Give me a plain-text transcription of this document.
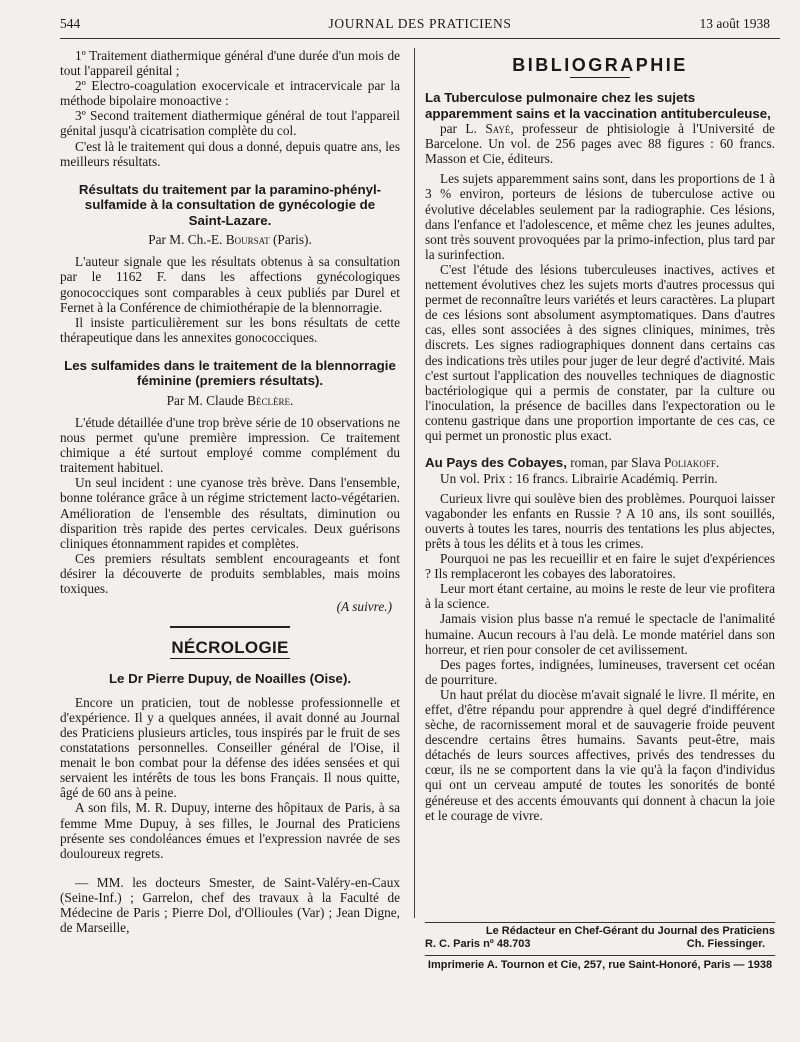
544	JOURNAL DES PRATICIENS	13 août 1938

1º Traitement diathermique général d'une durée d'un mois de tout l'appareil génital ;

2º Electro-coagulation exocervicale et intracervicale par la méthode bipolaire monoactive :

3º Second traitement diathermique général de tout l'appareil génital jusqu'à cicatrisation complète du col.

C'est là le traitement qui dous a donné, depuis quatre ans, les meilleurs résultats.

Résultats du traitement par la paramino-phényl-sulfamide à la consultation de gynécologie de Saint-Lazare.

Par M. Ch.-E. Boursat (Paris).

L'auteur signale que les résultats obtenus à sa consultation par le 1162 F. dans les affections gynécologiques gonococciques sont comparables à ceux publiés par Durel et Fernet à la Conférence de chimiothérapie de la blennorragie.

Il insiste particulièrement sur les bons résultats de cette thérapeutique dans les annexites gonococciques.

Les sulfamides dans le traitement de la blennorragie féminine (premiers résultats).

Par M. Claude Béclère.

L'étude détaillée d'une trop brève série de 10 observations ne nous permet qu'une première impression. Ce traitement chimique a été surtout employé comme complément du traitement habituel.

Un seul incident : une cyanose très brève. Dans l'ensemble, bonne tolérance grâce à un régime strictement lacto-végétarien. Amélioration de l'ensemble des résultats, diminution ou disparition très rapide des pertes cervicales. Deux guérisons cliniques étonnamment rapides et complètes.

Ces premiers résultats semblent encourageants et font désirer la découverte de produits semblables, mais moins toxiques.

(A suivre.)

NÉCROLOGIE

Le Dr Pierre Dupuy, de Noailles (Oise).

Encore un praticien, tout de noblesse professionnelle et d'expérience. Il y a quelques années, il avait donné au Journal des Praticiens plusieurs articles, tous inspirés par le fruit de ses constatations personnelles. Conseiller général de l'Oise, il menait le bon combat pour la défense des idées sensées et qui servaient les intérêts de tous les bons Français. Il nous quitte, âgé de 60 ans à peine.

A son fils, M. R. Dupuy, interne des hôpitaux de Paris, à sa femme Mme Dupuy, à ses filles, le Journal des Praticiens présente ses condoléances émues et l'expression navrée de ses douloureux regrets.

— MM. les docteurs Smester, de Saint-Valéry-en-Caux (Seine-Inf.) ; Garrelon, chef des travaux à la Faculté de Médecine de Paris ; Pierre Dol, d'Ollioules (Var) ; Jean Digne, de Marseille,

BIBLIOGRAPHIE

La Tuberculose pulmonaire chez les sujets apparemment sains et la vaccination antituberculeuse,

par L. Sayé, professeur de phtisiologie à l'Université de Barcelone. Un vol. de 256 pages avec 88 figures : 60 francs. Masson et Cie, éditeurs.

Les sujets apparemment sains sont, dans les proportions de 1 à 3 % environ, porteurs de lésions de tuberculose active ou évolutive décelables seulement par la radiographie. Ces lésions, dans l'enfance et l'adolescence, et même chez les jeunes adultes, sont très souvent provoquées par la primo-infection, plus tard par la surinfection.

C'est l'étude des lésions tuberculeuses inactives, actives et nettement évolutives chez les sujets morts d'autres processus qui permet de reconnaître leurs variétés et leurs caractères. La plupart de ces lésions sont absolument asymptomatiques. Dans d'autres cas, elles sont associées à des signes cliniques, minimes, très discrets. Les signes radiographiques donnent dans certains cas des indications très utiles pour juger de leur degré d'activité. Mais c'est surtout l'application des nouvelles techniques de diagnostic bactériologique qui a permis de constater, par la culture ou l'inoculation, la présence de bacilles dans l'expectoration ou le contenu gastrique dans une proportion importante de ces cas, ce qui permet un pronostic plus exact.

Au Pays des Cobayes, roman, par Slava Poliakoff.

Un vol. Prix : 16 francs. Librairie Académiq. Perrin.

Curieux livre qui soulève bien des problèmes. Pourquoi laisser vagabonder les enfants en Russie ? A 10 ans, ils sont souillés, ouverts à toutes les tares, nourris des tentations les plus abjectes, prêts à tous les délits et à tous les crimes.

Pourquoi ne pas les recueillir et en faire le sujet d'expériences ? Ils remplaceront les cobayes des laboratoires.

Leur mort étant certaine, au moins le reste de leur vie profitera à la science.

Jamais vision plus basse n'a remué le spectacle de l'animalité humaine. Aucun recours à l'au delà. Le monde matériel dans son horreur, et rien pour consoler de cet avilissement.

Des pages fortes, indignées, lumineuses, traversent cet océan de pourriture.

Un haut prélat du diocèse m'avait signalé le livre. Il mérite, en effet, d'être répandu pour apprendre à quel degré d'indifférence sèche, de racornissement moral et de sauvagerie froide peuvent descendre certains êtres humains. Savants peut-être, mais détachés de leurs sources affectives, privés des tendresses du cœur, ils ne se comportent dans la vie qu'à la façon d'individus qui ont un cerveau amputé de toutes les sonorités de bonté généreuse et des accents émouvants qui donnent à chacun la joie et le courage de vivre.

Le Rédacteur en Chef-Gérant du Journal des Praticiens
R. C. Paris nº 48.703	Ch. Fiessinger.
Imprimerie A. Tournon et Cie, 257, rue Saint-Honoré, Paris — 1938
